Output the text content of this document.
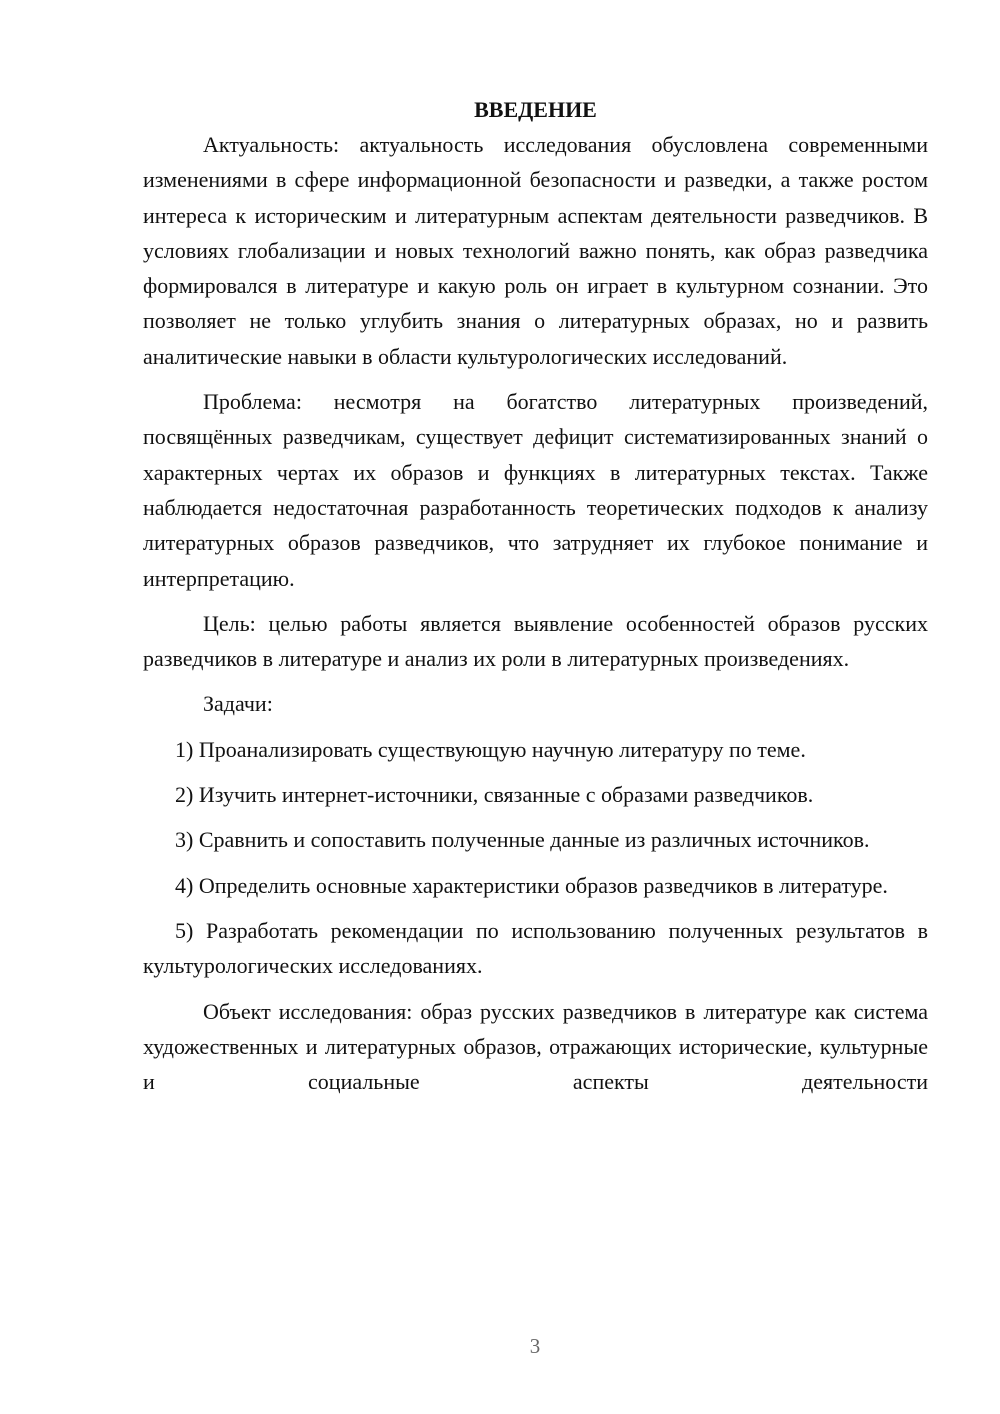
ВВЕДЕНИЕ

Актуальность: актуальность исследования обусловлена современными изменениями в сфере информационной безопасности и разведки, а также ростом интереса к историческим и литературным аспектам деятельности разведчиков. В условиях глобализации и новых технологий важно понять, как образ разведчика формировался в литературе и какую роль он играет в культурном сознании. Это позволяет не только углубить знания о литературных образах, но и развить аналитические навыки в области культурологических исследований.

Проблема: несмотря на богатство литературных произведений, посвящённых разведчикам, существует дефицит систематизированных знаний о характерных чертах их образов и функциях в литературных текстах. Также наблюдается недостаточная разработанность теоретических подходов к анализу литературных образов разведчиков, что затрудняет их глубокое понимание и интерпретацию.

Цель: целью работы является выявление особенностей образов русских разведчиков в литературе и анализ их роли в литературных произведениях.

Задачи:

1) Проанализировать существующую научную литературу по теме.

2) Изучить интернет-источники, связанные с образами разведчиков.

3) Сравнить и сопоставить полученные данные из различных источников.

4) Определить основные характеристики образов разведчиков в литературе.

5) Разработать рекомендации по использованию полученных результатов в культурологических исследованиях.

Объект исследования: образ русских разведчиков в литературе как система художественных и литературных образов, отражающих исторические, культурные и социальные аспекты деятельности

3
